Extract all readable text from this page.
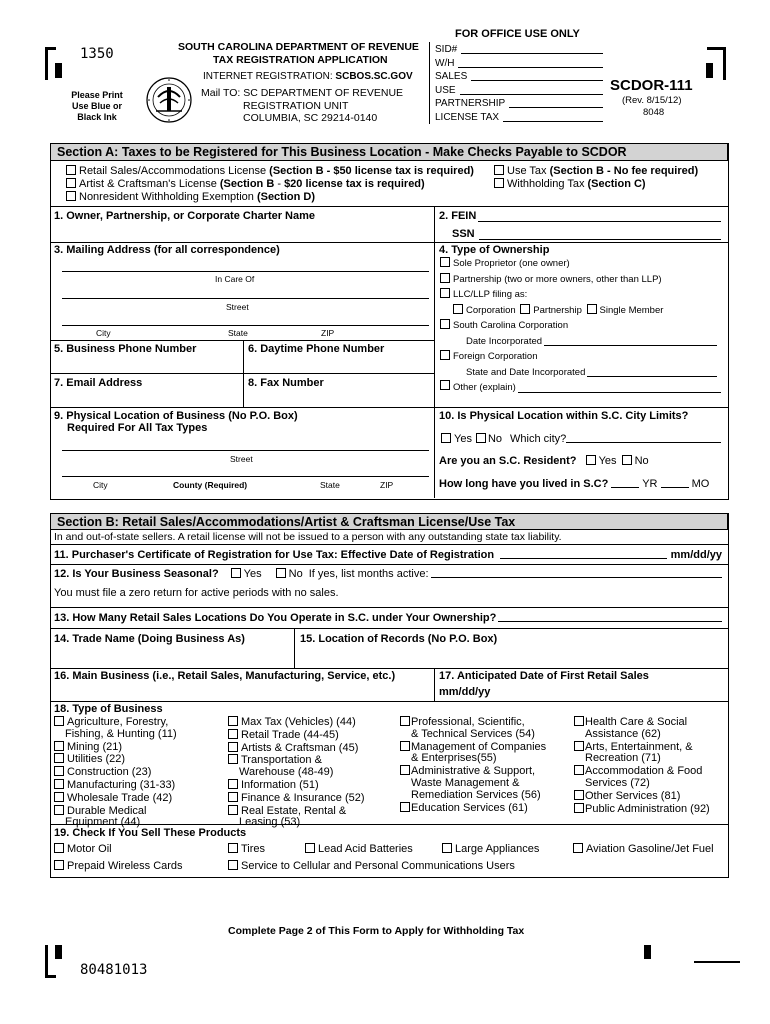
1350
Please Print
Use Blue or
Black Ink
SOUTH CAROLINA DEPARTMENT OF REVENUE
TAX REGISTRATION APPLICATION
INTERNET REGISTRATION: SCBOS.SC.GOV
Mail TO: SC DEPARTMENT OF REVENUE
REGISTRATION UNIT
COLUMBIA, SC 29214-0140
FOR OFFICE USE ONLY
SID#
W/H
SALES
USE
PARTNERSHIP
LICENSE TAX
SCDOR-111
(Rev. 8/15/12)
8048
Section A: Taxes to be Registered for This Business Location - Make Checks Payable to SCDOR
Retail Sales/Accommodations License (Section B - $50 license tax is required)
Artist & Craftsman's License (Section B - $20 license tax is required)
Nonresident Withholding Exemption (Section D)
Use Tax (Section B - No fee required)
Withholding Tax (Section C)
1. Owner, Partnership, or Corporate Charter Name	2. FEIN
SSN
3. Mailing Address (for all correspondence)
In Care Of
Street
City	State	ZIP
4. Type of Ownership
Sole Proprietor (one owner)
Partnership (two or more owners, other than LLP)
LLC/LLP filing as:
Corporation Partnership Single Member
South Carolina Corporation
Date Incorporated
Foreign Corporation
State and Date Incorporated
Other (explain)
5. Business Phone Number	6. Daytime Phone Number
7. Email Address	8. Fax Number
9. Physical Location of Business (No P.O. Box)
Required For All Tax Types
Street
City	County (Required)	State	ZIP
10. Is Physical Location within S.C. City Limits?
Yes	No Which city?
Are you an S.C. Resident? Yes No
How long have you lived in S.C?	YR	MO
Section B: Retail Sales/Accommodations/Artist & Craftsman License/Use Tax
In and out-of-state sellers. A retail license will not be issued to a person with any outstanding state tax liability.
11. Purchaser's Certificate of Registration for Use Tax: Effective Date of Registration	mm/dd/yy
12. Is Your Business Seasonal?	Yes	No If yes, list months active:
You must file a zero return for active periods with no sales.
13. How Many Retail Sales Locations Do You Operate in S.C. under Your Ownership?
14. Trade Name (Doing Business As)	15. Location of Records (No P.O. Box)
16. Main Business (i.e., Retail Sales, Manufacturing, Service, etc.)	17. Anticipated Date of First Retail Sales
mm/dd/yy
18. Type of Business
Agriculture, Forestry,
Fishing, & Hunting (11)
Mining (21)
Utilities (22)
Construction (23)
Manufacturing (31-33)
Wholesale Trade (42)
Durable Medical
Equipment (44)
Max Tax (Vehicles) (44)
Retail Trade (44-45)
Artists & Craftsman (45)
Transportation &
Warehouse (48-49)
Information (51)
Finance & Insurance (52)
Real Estate, Rental &
Leasing (53)
Professional, Scientific,
& Technical Services (54)
Management of Companies
& Enterprises(55)
Administrative & Support,
Waste Management &
Remediation Services (56)
Education Services (61)
Health Care & Social
Assistance (62)
Arts, Entertainment, &
Recreation (71)
Accommodation & Food
Services (72)
Other Services (81)
Public Administration (92)
19. Check If You Sell These Products
Motor Oil	Tires	Lead Acid Batteries	Large Appliances	Aviation Gasoline/Jet Fuel
Prepaid Wireless Cards	Service to Cellular and Personal Communications Users
Complete Page 2 of This Form to Apply for Withholding Tax
80481013
